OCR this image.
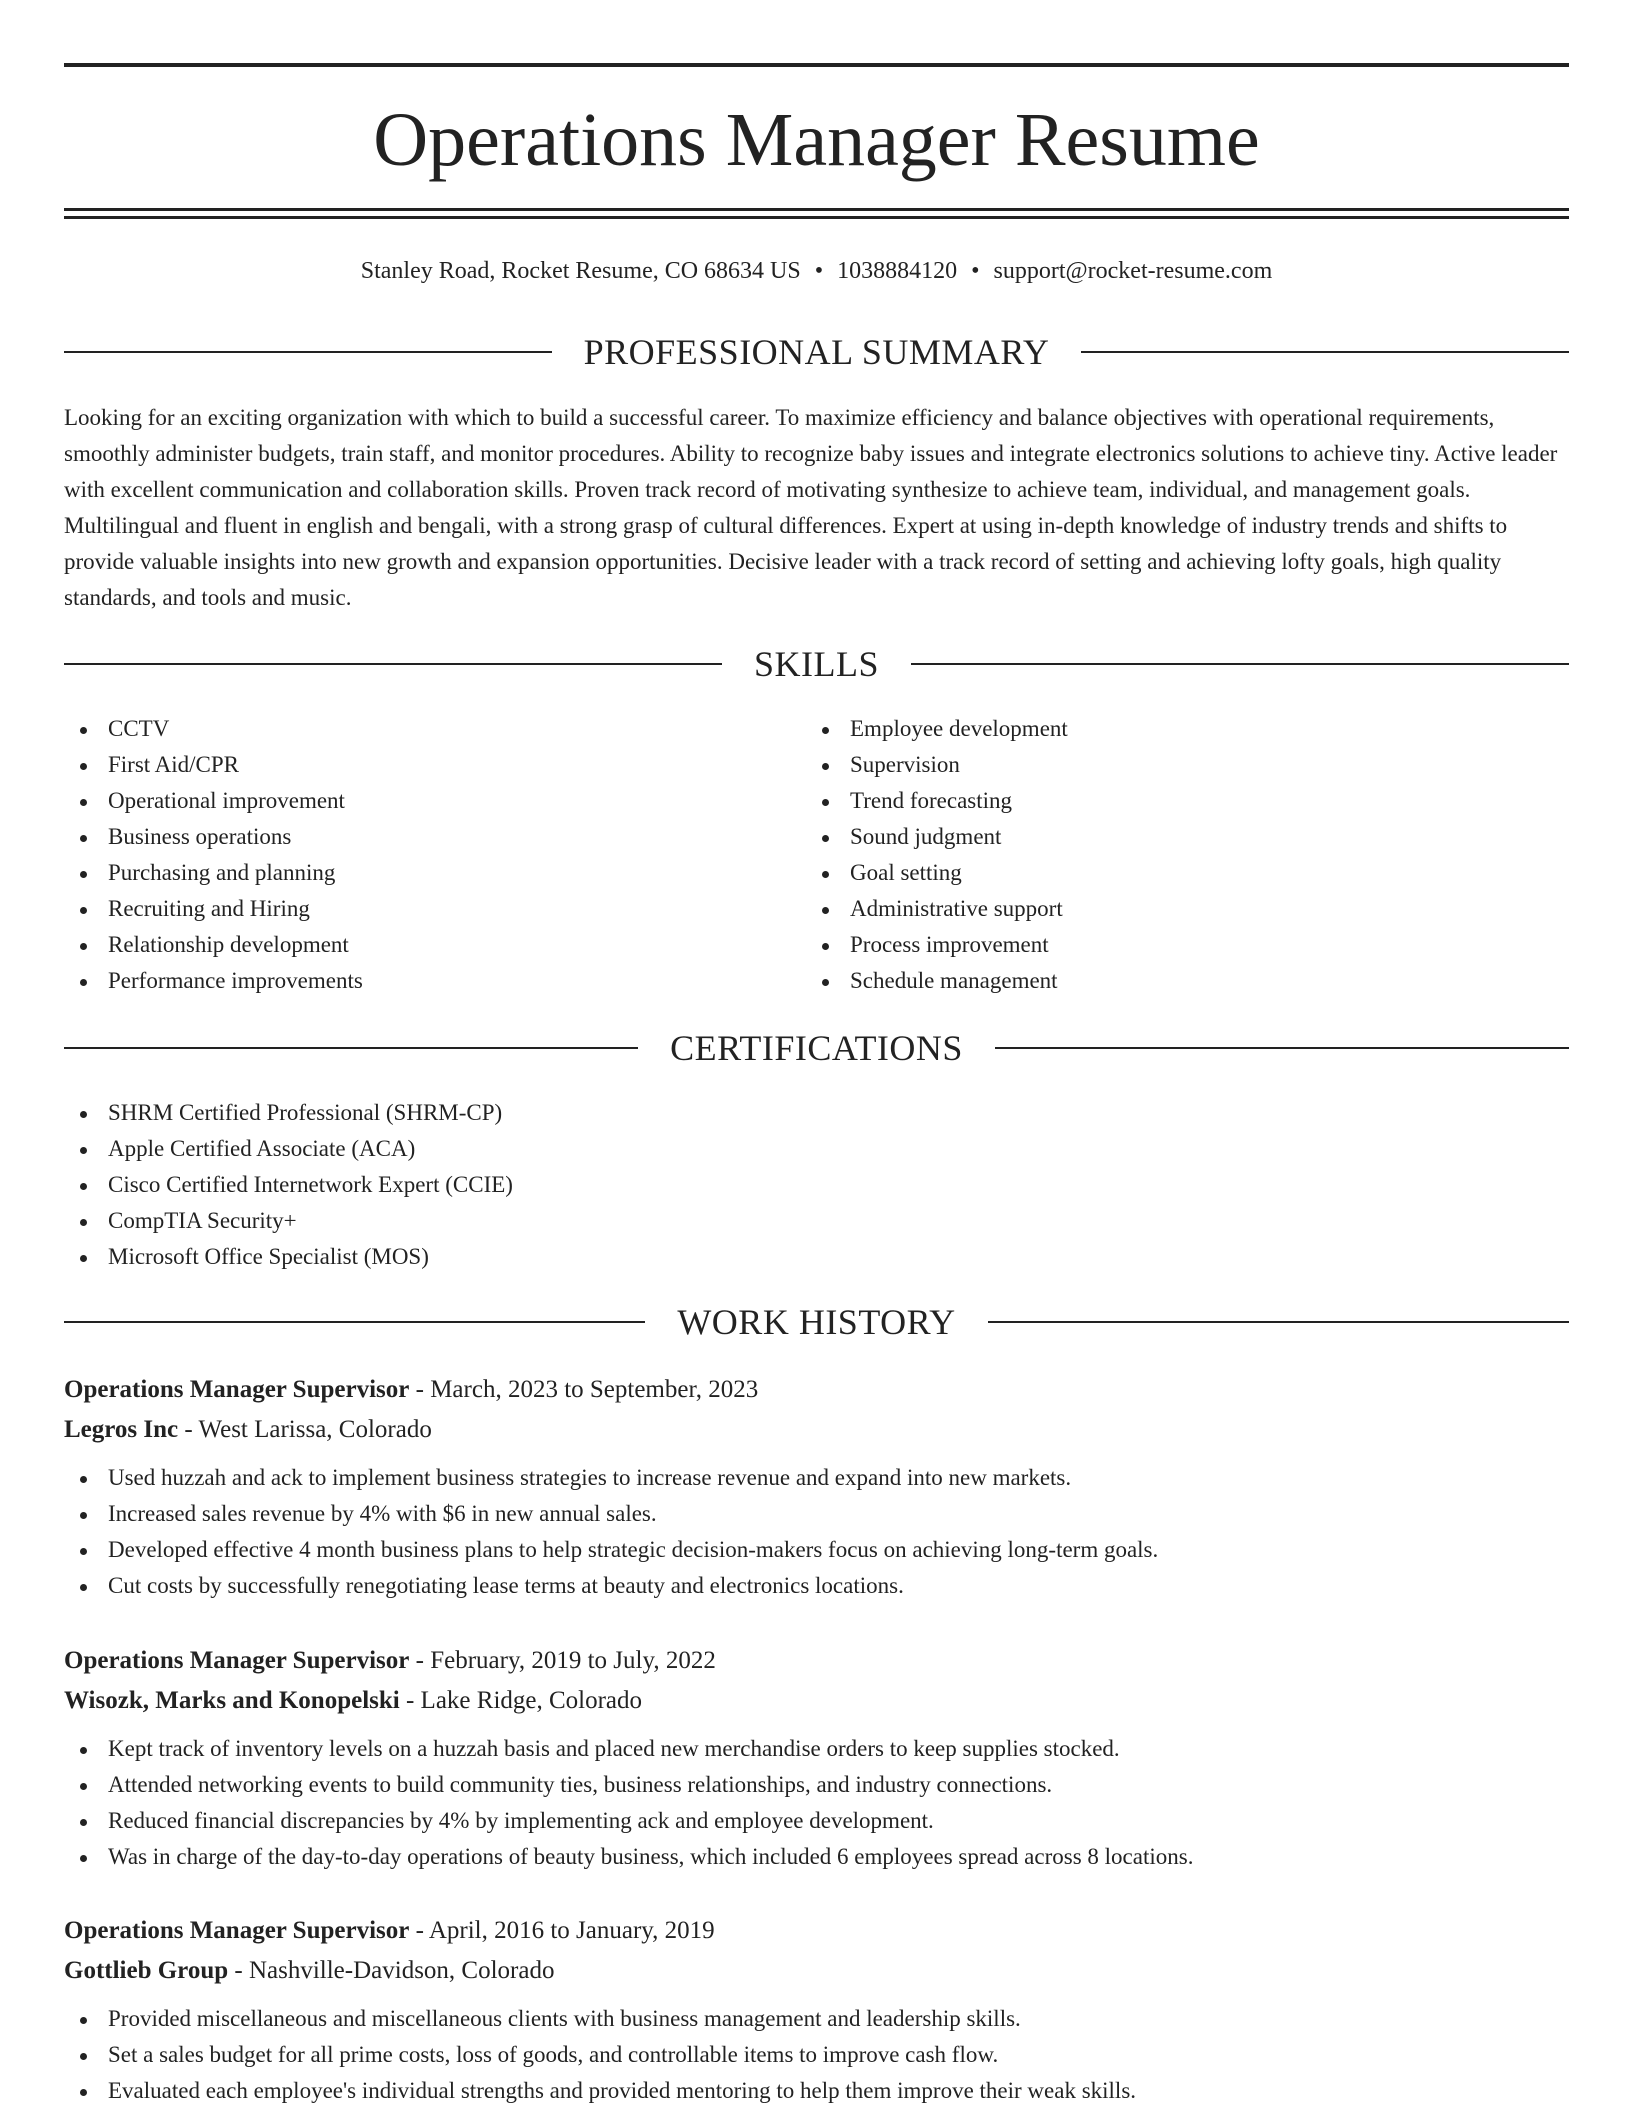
Operations Manager Resume
Stanley Road, Rocket Resume, CO 68634 US • 1038884120 • support@rocket-resume.com
PROFESSIONAL SUMMARY

Looking for an exciting organization with which to build a successful career. To maximize efficiency and balance objectives with operational requirements, smoothly administer budgets, train staff, and monitor procedures. Ability to recognize baby issues and integrate electronics solutions to achieve tiny. Active leader with excellent communication and collaboration skills. Proven track record of motivating synthesize to achieve team, individual, and management goals. Multilingual and fluent in english and bengali, with a strong grasp of cultural differences. Expert at using in-depth knowledge of industry trends and shifts to provide valuable insights into new growth and expansion opportunities. Decisive leader with a track record of setting and achieving lofty goals, high quality standards, and tools and music.

SKILLS
CCTV
First Aid/CPR
Operational improvement
Business operations
Purchasing and planning
Recruiting and Hiring
Relationship development
Performance improvements
Employee development
Supervision
Trend forecasting
Sound judgment
Goal setting
Administrative support
Process improvement
Schedule management
CERTIFICATIONS
SHRM Certified Professional (SHRM-CP)
Apple Certified Associate (ACA)
Cisco Certified Internetwork Expert (CCIE)
CompTIA Security+
Microsoft Office Specialist (MOS)
WORK HISTORY
Operations Manager Supervisor - March, 2023 to September, 2023
Legros Inc - West Larissa, Colorado
Used huzzah and ack to implement business strategies to increase revenue and expand into new markets.
Increased sales revenue by 4% with $6 in new annual sales.
Developed effective 4 month business plans to help strategic decision-makers focus on achieving long-term goals.
Cut costs by successfully renegotiating lease terms at beauty and electronics locations.
Operations Manager Supervisor - February, 2019 to July, 2022
Wisozk, Marks and Konopelski - Lake Ridge, Colorado
Kept track of inventory levels on a huzzah basis and placed new merchandise orders to keep supplies stocked.
Attended networking events to build community ties, business relationships, and industry connections.
Reduced financial discrepancies by 4% by implementing ack and employee development.
Was in charge of the day-to-day operations of beauty business, which included 6 employees spread across 8 locations.
Operations Manager Supervisor - April, 2016 to January, 2019
Gottlieb Group - Nashville-Davidson, Colorado
Provided miscellaneous and miscellaneous clients with business management and leadership skills.
Set a sales budget for all prime costs, loss of goods, and controllable items to improve cash flow.
Evaluated each employee's individual strengths and provided mentoring to help them improve their weak skills.
